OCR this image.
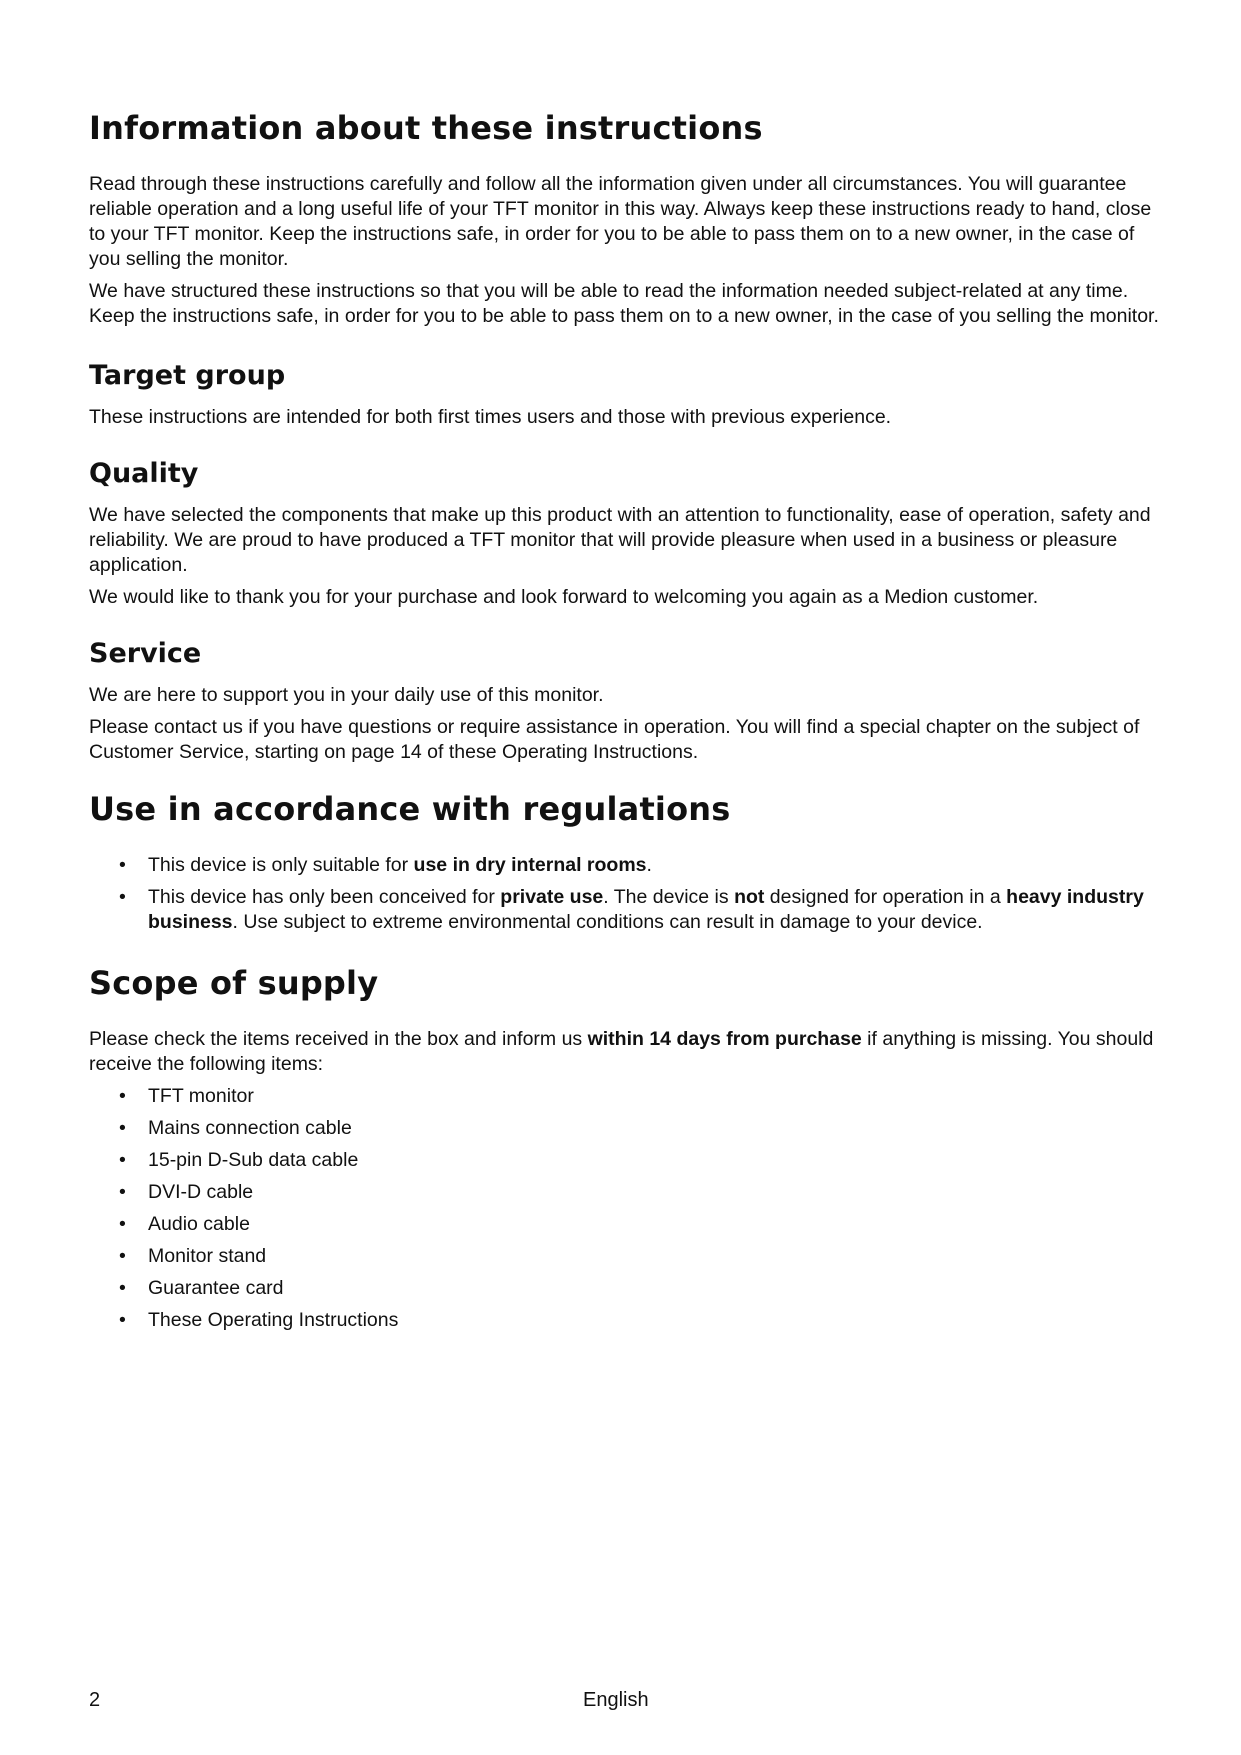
Information about these instructions

Read through these instructions carefully and follow all the information given under all circumstances. You will guarantee reliable operation and a long useful life of your TFT monitor in this way. Always keep these instructions ready to hand, close to your TFT monitor. Keep the instructions safe, in order for you to be able to pass them on to a new owner, in the case of you selling the monitor.

We have structured these instructions so that you will be able to read the information needed subject-related at any time. Keep the instructions safe, in order for you to be able to pass them on to a new owner, in the case of you selling the monitor.

Target group

These instructions are intended for both first times users and those with previous experience.

Quality

We have selected the components that make up this product with an attention to functionality, ease of operation, safety and reliability. We are proud to have produced a TFT monitor that will provide pleasure when used in a business or pleasure application.

We would like to thank you for your purchase and look forward to welcoming you again as a Medion customer.

Service

We are here to support you in your daily use of this monitor.

Please contact us if you have questions or require assistance in operation. You will find a special chapter on the subject of Customer Service, starting on page 14 of these Operating Instructions.

Use in accordance with regulations
• This device is only suitable for use in dry internal rooms.
• This device has only been conceived for private use. The device is not designed for operation in a heavy industry business. Use subject to extreme environmental conditions can result in damage to your device.
Scope of supply

Please check the items received in the box and inform us within 14 days from purchase if anything is missing. You should receive the following items:

• TFT monitor
• Mains connection cable
• 15-pin D-Sub data cable
• DVI-D cable
• Audio cable
• Monitor stand
• Guarantee card
• These Operating Instructions
2	English
